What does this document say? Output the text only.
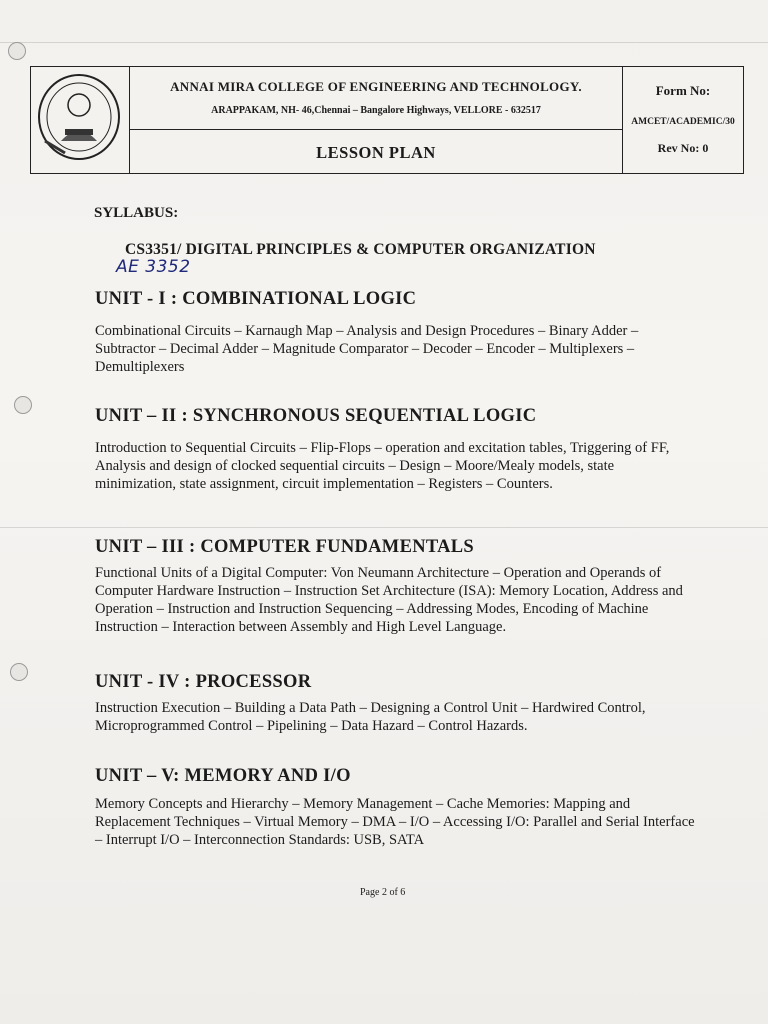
ANNAI MIRA COLLEGE OF ENGINEERING AND TECHNOLOGY.
ARAPPAKAM, NH- 46,Chennai – Bangalore Highways, VELLORE - 632517
LESSON PLAN
Form No:
AMCET/ACADEMIC/30
Rev No: 0
SYLLABUS:
CS3351/ DIGITAL PRINCIPLES & COMPUTER ORGANIZATION
AE 3352
UNIT - I : COMBINATIONAL LOGIC
Combinational Circuits – Karnaugh Map – Analysis and Design Procedures – Binary Adder – Subtractor – Decimal Adder – Magnitude Comparator – Decoder – Encoder – Multiplexers – Demultiplexers
UNIT – II : SYNCHRONOUS SEQUENTIAL LOGIC
Introduction to Sequential Circuits – Flip-Flops – operation and excitation tables, Triggering of FF, Analysis and design of clocked sequential circuits – Design – Moore/Mealy models, state minimization, state assignment, circuit implementation – Registers – Counters.
UNIT – III : COMPUTER FUNDAMENTALS
Functional Units of a Digital Computer: Von Neumann Architecture – Operation and Operands of Computer Hardware Instruction – Instruction Set Architecture (ISA): Memory Location, Address and Operation – Instruction and Instruction Sequencing – Addressing Modes, Encoding of Machine Instruction – Interaction between Assembly and High Level Language.
UNIT - IV : PROCESSOR
Instruction Execution – Building a Data Path – Designing a Control Unit – Hardwired Control, Microprogrammed Control – Pipelining – Data Hazard – Control Hazards.
UNIT – V: MEMORY AND I/O
Memory Concepts and Hierarchy – Memory Management – Cache Memories: Mapping and Replacement Techniques – Virtual Memory – DMA – I/O – Accessing I/O: Parallel and Serial Interface – Interrupt I/O – Interconnection Standards: USB, SATA
Page 2 of 6
